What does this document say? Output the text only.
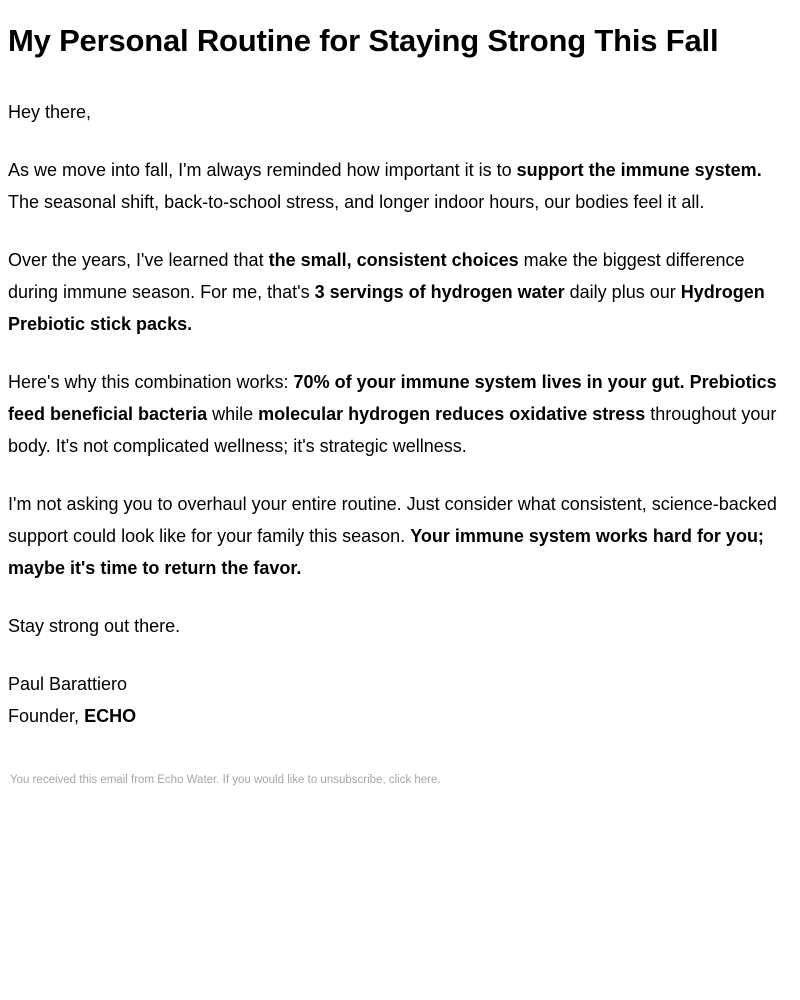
My Personal Routine for Staying Strong This Fall

Hey there,

As we move into fall, I'm always reminded how important it is to support the immune system. The seasonal shift, back-to-school stress, and longer indoor hours, our bodies feel it all.

Over the years, I've learned that the small, consistent choices make the biggest difference during immune season. For me, that's 3 servings of hydrogen water daily plus our Hydrogen Prebiotic stick packs.

Here's why this combination works: 70% of your immune system lives in your gut. Prebiotics feed beneficial bacteria while molecular hydrogen reduces oxidative stress throughout your body. It's not complicated wellness; it's strategic wellness.

I'm not asking you to overhaul your entire routine. Just consider what consistent, science-backed support could look like for your family this season. Your immune system works hard for you; maybe it's time to return the favor.

Stay strong out there.

Paul Barattiero
Founder, ECHO

You received this email from Echo Water. If you would like to unsubscribe, click here.
